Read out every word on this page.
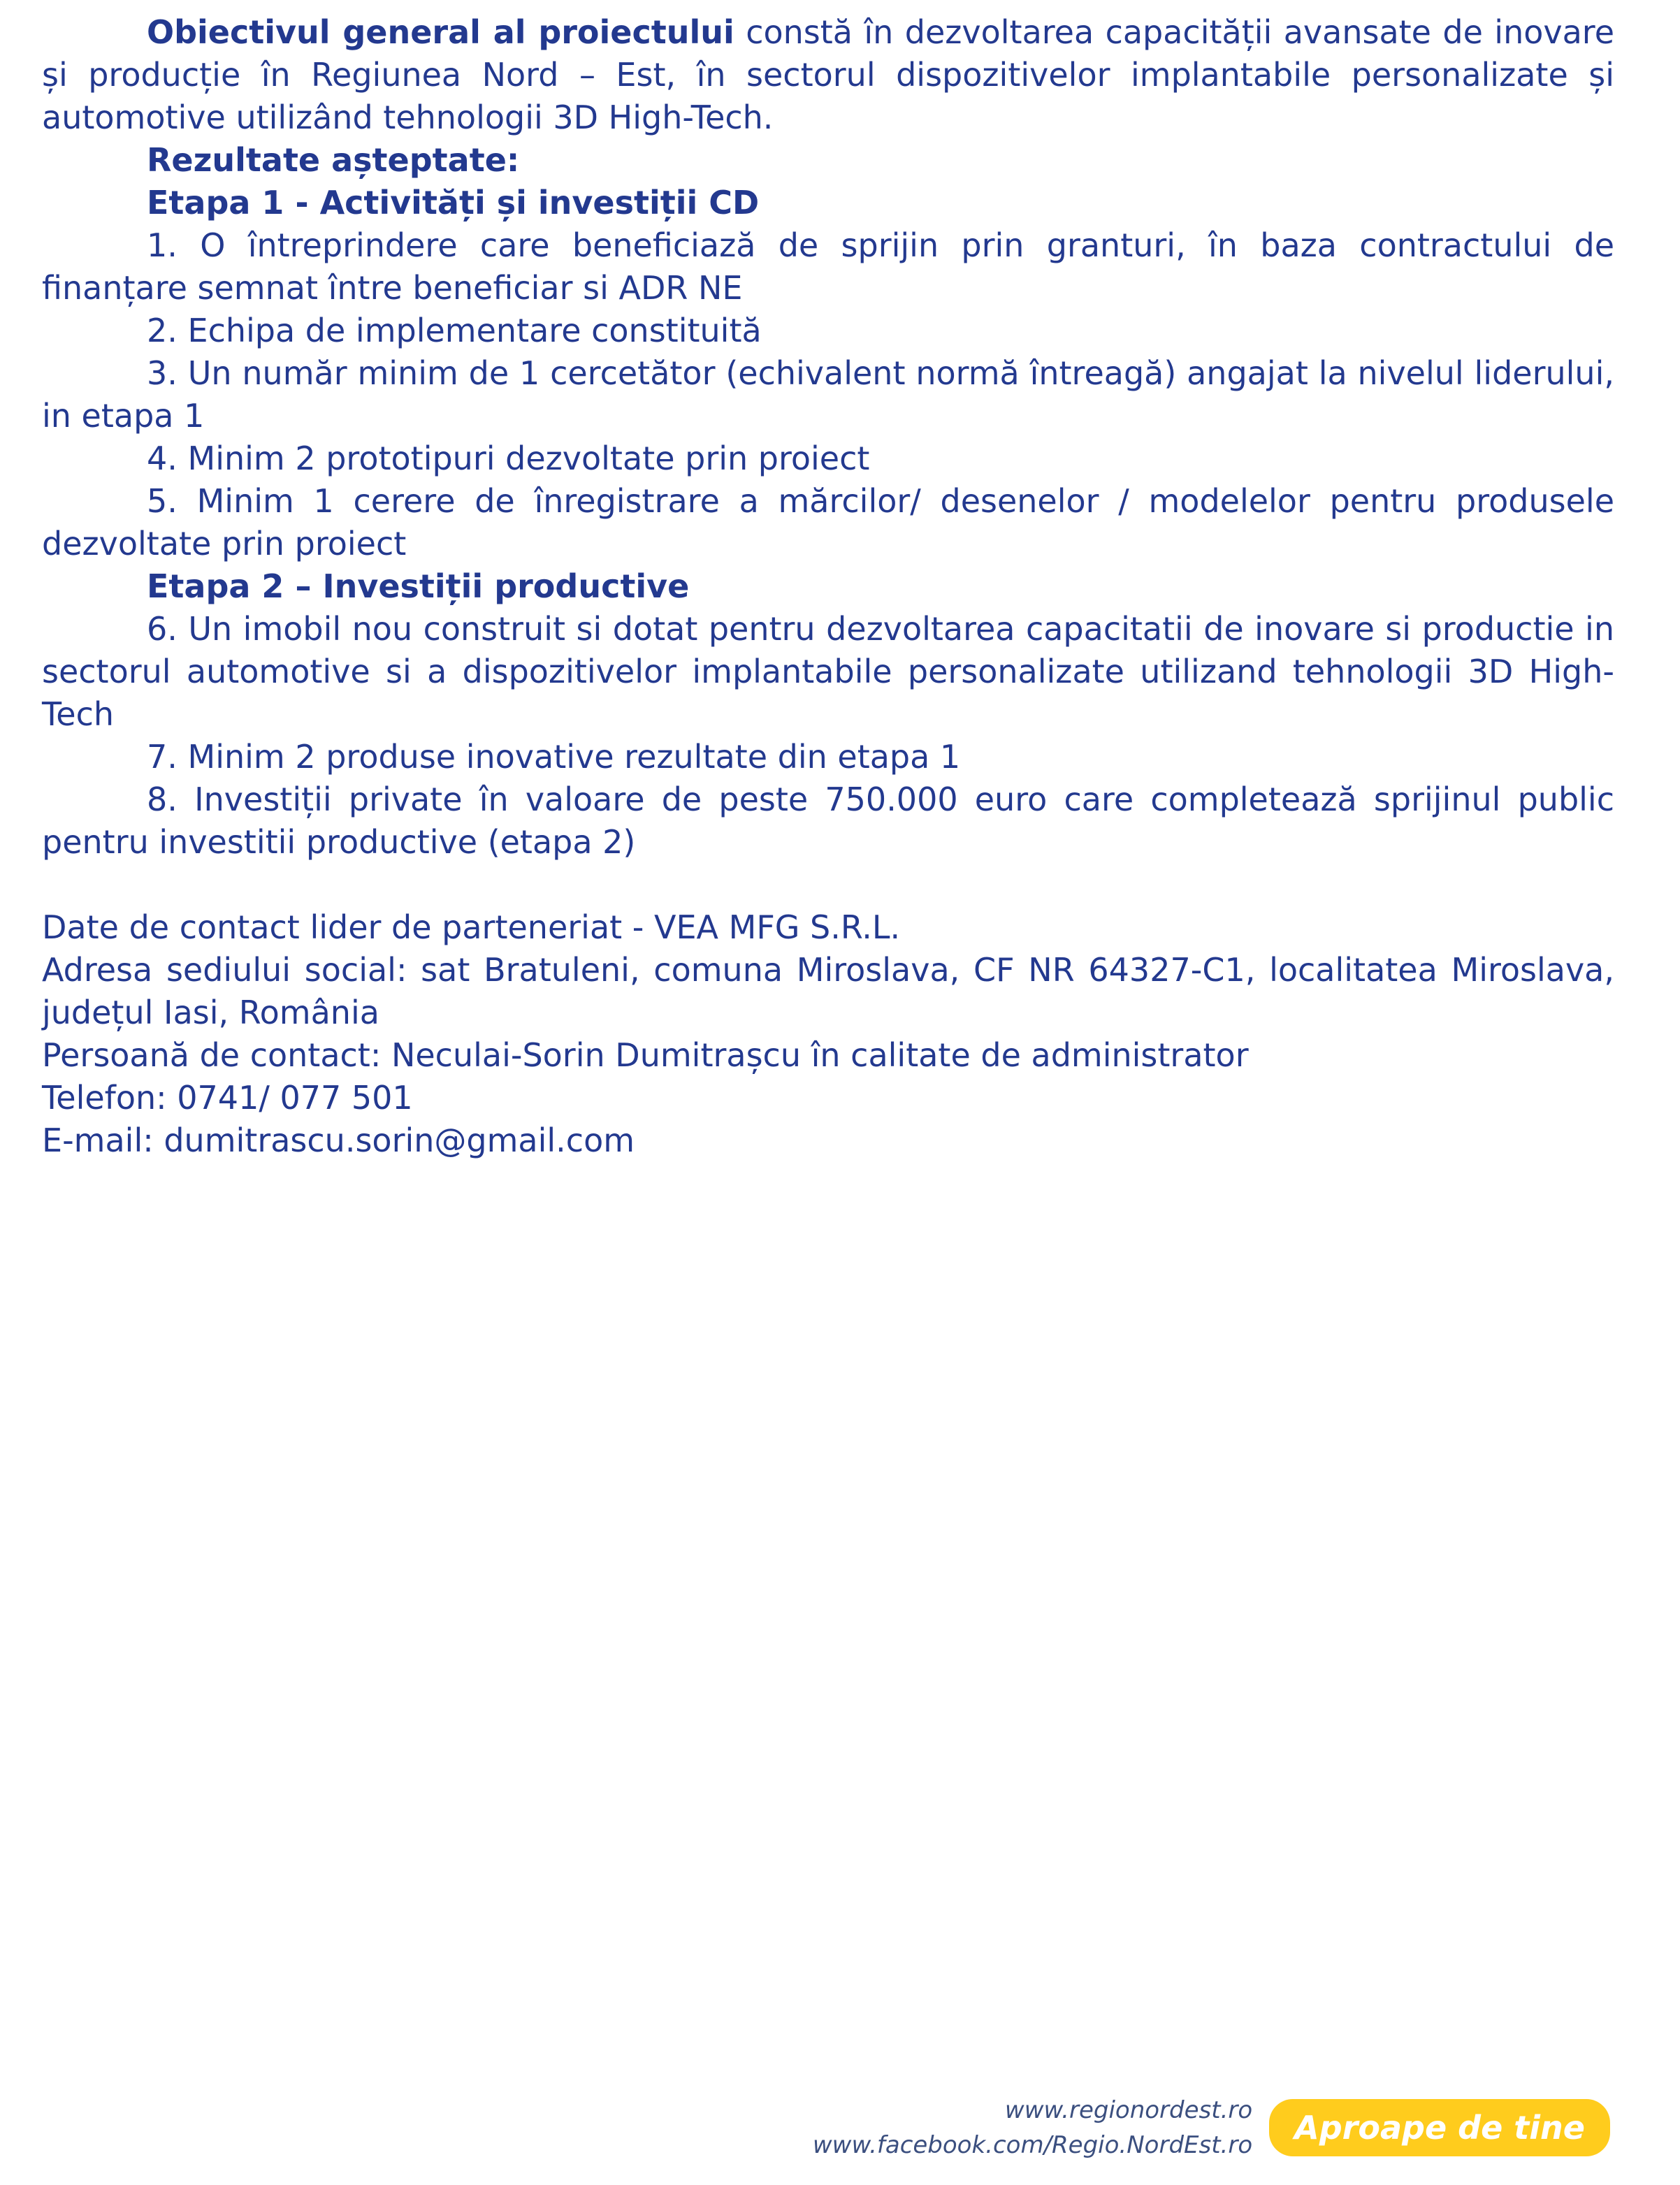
Obiectivul general al proiectului constă în dezvoltarea capacității avansate de inovare și producție în Regiunea Nord – Est, în sectorul dispozitivelor implantabile personalizate și automotive utilizând tehnologii 3D High-Tech.

Rezultate așteptate:

Etapa 1 - Activități și investiții CD

1. O întreprindere care beneficiază de sprijin prin granturi, în baza contractului de finanțare semnat între beneficiar si ADR NE

2. Echipa de implementare constituită

3. Un număr minim de 1 cercetător (echivalent normă întreagă) angajat la nivelul liderului, in etapa 1

4. Minim 2 prototipuri dezvoltate prin proiect

5. Minim 1 cerere de înregistrare a mărcilor/ desenelor / modelelor pentru produsele dezvoltate prin proiect

Etapa 2 – Investiții productive

6. Un imobil nou construit si dotat pentru dezvoltarea capacitatii de inovare si productie in sectorul automotive si a dispozitivelor implantabile personalizate utilizand tehnologii 3D High-Tech

7. Minim 2 produse inovative rezultate din etapa 1

8. Investiții private în valoare de peste 750.000 euro care completează sprijinul public pentru investitii productive (etapa 2)

Date de contact lider de parteneriat - VEA MFG S.R.L.

Adresa sediului social: sat Bratuleni, comuna Miroslava, CF NR 64327-C1, localitatea Miroslava, județul Iasi, România

Persoană de contact: Neculai-Sorin Dumitrașcu în calitate de administrator

Telefon: 0741/ 077 501

E-mail: dumitrascu.sorin@gmail.com

www.regionordest.ro
www.facebook.com/Regio.NordEst.ro	Aproape de tine
